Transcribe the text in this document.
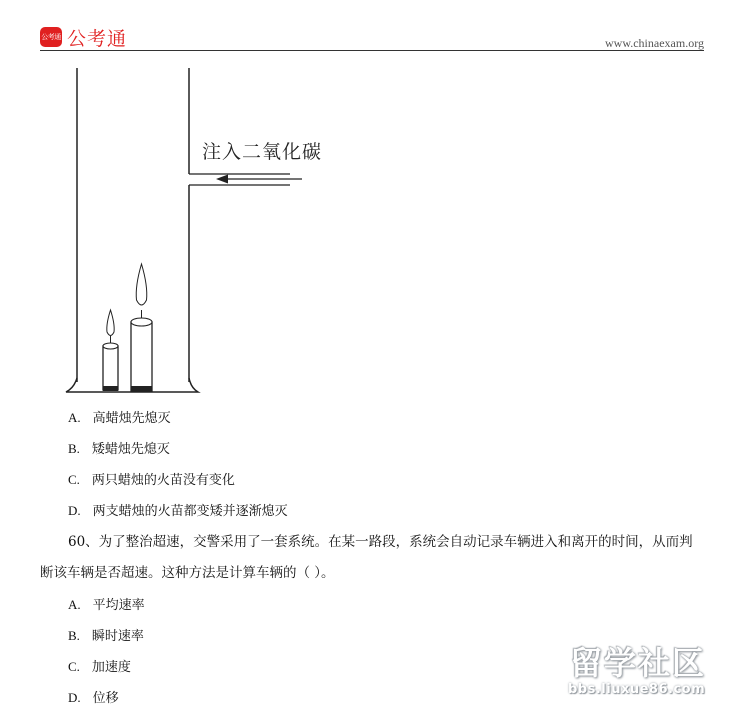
公考通 公考通	www.chinaexam.org
注入二氧化碳
A. 高蜡烛先熄灭
B. 矮蜡烛先熄灭
C. 两只蜡烛的火苗没有变化
D. 两支蜡烛的火苗都变矮并逐渐熄灭
60、为了整治超速，交警采用了一套系统。在某一路段，系统会自动记录车辆进入和离开的时间，从而判
断该车辆是否超速。这种方法是计算车辆的（ ）。
A. 平均速率
B. 瞬时速率
C. 加速度
D. 位移
留学社区
bbs.liuxue86.com
